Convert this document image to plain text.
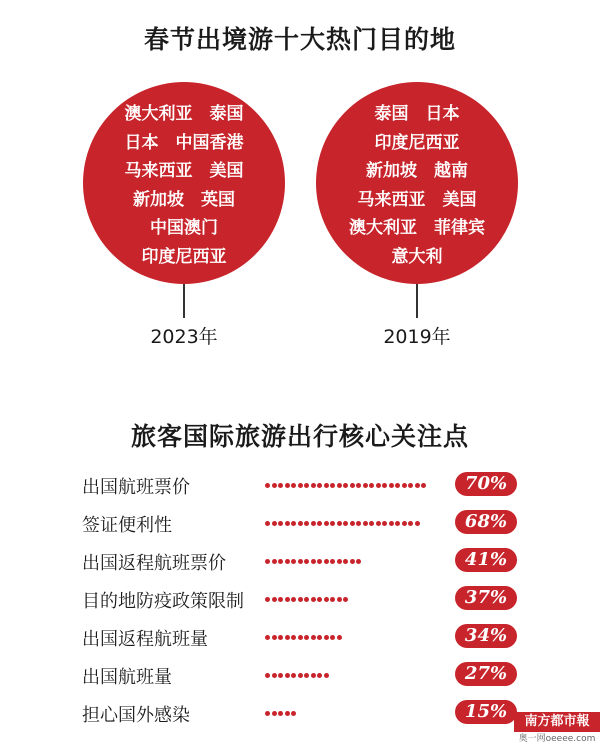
春节出境游十大热门目的地
澳大利亚　泰国
日本　中国香港
马来西亚　美国
新加坡　英国
中国澳门
印度尼西亚
泰国　日本
印度尼西亚
新加坡　越南
马来西亚　美国
澳大利亚　菲律宾
意大利
2023年	2019年
旅客国际旅游出行核心关注点
出国航班票价	70%
签证便利性	68%
出国返程航班票价	41%
目的地防疫政策限制	37%
出国返程航班量	34%
出国航班量	27%
担心国外感染	15%	南方都市報
奥一网oeeee.com
